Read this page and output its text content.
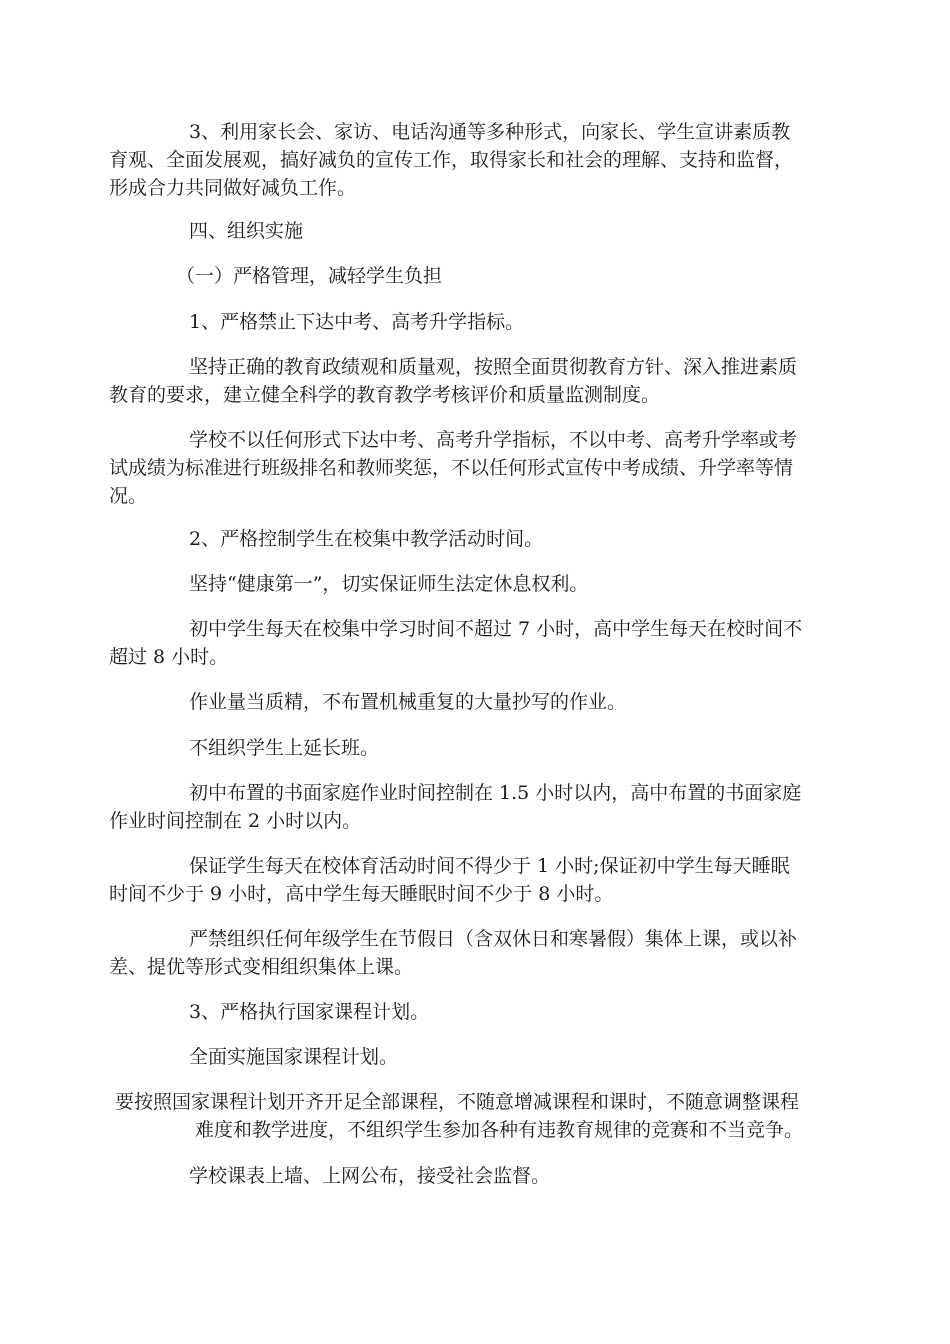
3、利用家长会、家访、电话沟通等多种形式，向家长、学生宣讲素质教

育观、全面发展观，搞好减负的宣传工作，取得家长和社会的理解、支持和监督，

形成合力共同做好减负工作。

四、组织实施

（一）严格管理，减轻学生负担

1、严格禁止下达中考、高考升学指标。

坚持正确的教育政绩观和质量观，按照全面贯彻教育方针、深入推进素质

教育的要求，建立健全科学的教育教学考核评价和质量监测制度。

学校不以任何形式下达中考、高考升学指标，不以中考、高考升学率或考

试成绩为标准进行班级排名和教师奖惩，不以任何形式宣传中考成绩、升学率等情

况。

2、严格控制学生在校集中教学活动时间。

坚持“健康第一”，切实保证师生法定休息权利。

初中学生每天在校集中学习时间不超过 7 小时，高中学生每天在校时间不

超过 8 小时。

作业量当质精，不布置机械重复的大量抄写的作业。

不组织学生上延长班。

初中布置的书面家庭作业时间控制在 1.5 小时以内，高中布置的书面家庭

作业时间控制在 2 小时以内。

保证学生每天在校体育活动时间不得少于 1 小时;保证初中学生每天睡眠

时间不少于 9 小时，高中学生每天睡眠时间不少于 8 小时。

严禁组织任何年级学生在节假日（含双休日和寒暑假）集体上课，或以补

差、提优等形式变相组织集体上课。

3、严格执行国家课程计划。

全面实施国家课程计划。

要按照国家课程计划开齐开足全部课程，不随意增减课程和课时，不随意调整课程

难度和教学进度，不组织学生参加各种有违教育规律的竞赛和不当竞争。

学校课表上墙、上网公布，接受社会监督。
